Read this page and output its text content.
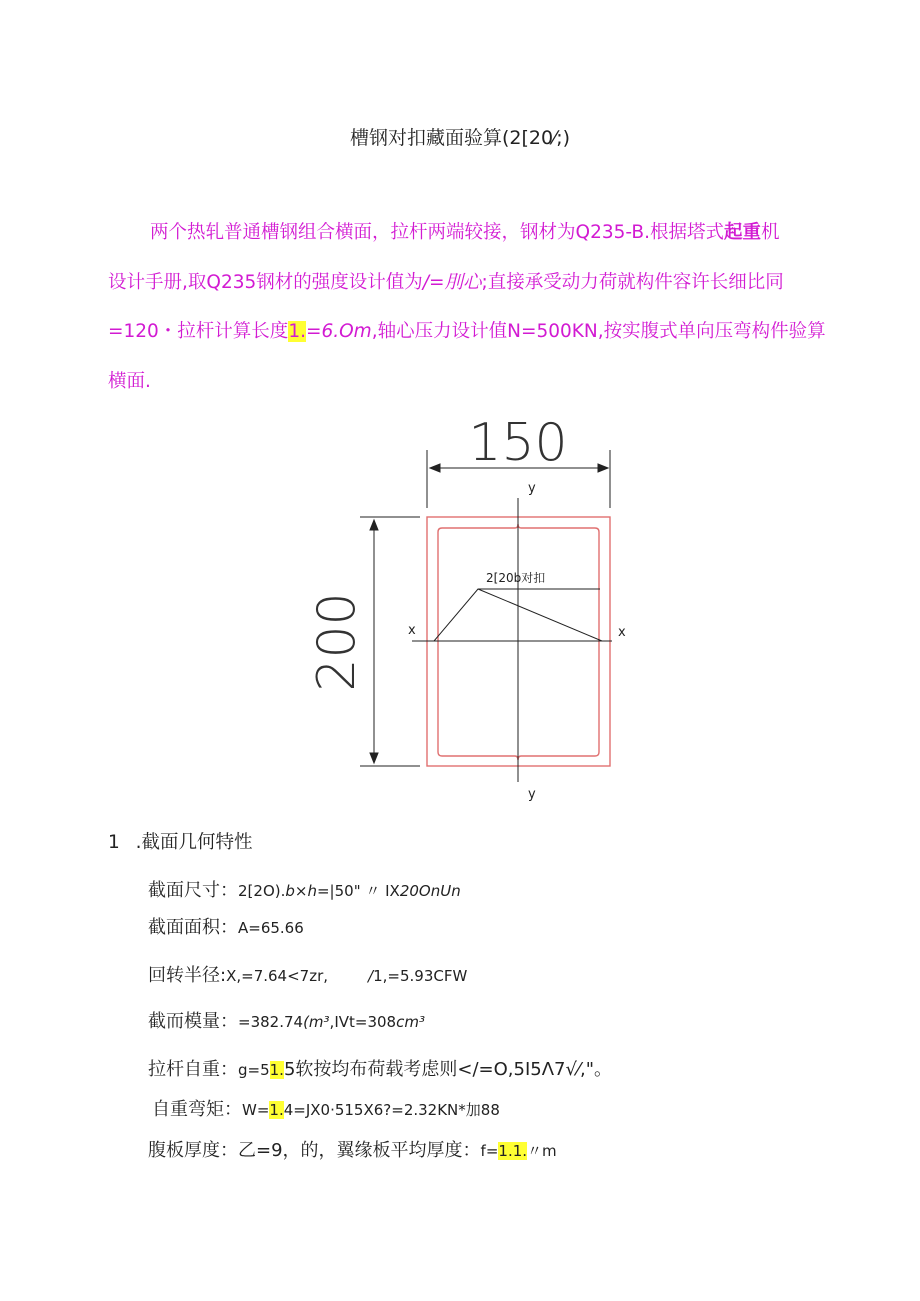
槽钢对扣藏面验算(2[20⁄;)
两个热轧普通槽钢组合横面，拉杆两端较接，钢材为Q235-B.根据塔式起重机
设计手册,取Q235钢材的强度设计值为/=刖心;直接承受动力荷就构件容许长细比同
=120・拉杆计算长度1.=6.Om,轴心压力设计值N=500KN,按实腹式单向压弯构件验算
横面.
150
200
y
y
x	x
2[20b对扣
1 .截面几何特性
截面尺寸：2[2O).b×h=|50" 〃 IX20OnUn
截面面积：A=65.66
回转半径:X,=7.64<7zr,	/1,=5.93CFW
截而模量：=382.74(m³,IVt=308cm³
拉杆自重：g=51.5软按均布荷载考虑则</=O,5I5Λ7√⁄,"。
自重弯矩：W=1.4=JX0·515X6?=2.32KN*加88
腹板厚度：乙=9，的，翼缘板平均厚度：f=1.1.〃m
